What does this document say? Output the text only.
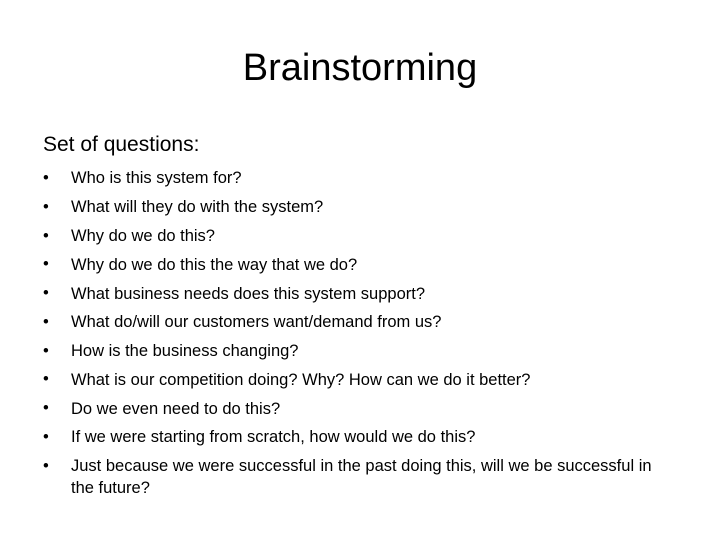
Brainstorming

Set of questions:

•	Who is this system for?
•	What will they do with the system?
•	Why do we do this?
•	Why do we do this the way that we do?
•	What business needs does this system support?
•	What do/will our customers want/demand from us?
•	How is the business changing?
•	What is our competition doing? Why? How can we do it better?
•	Do we even need to do this?
•	If we were starting from scratch, how would we do this?
•	Just because we were successful in the past doing this, will we be successful in the future?
